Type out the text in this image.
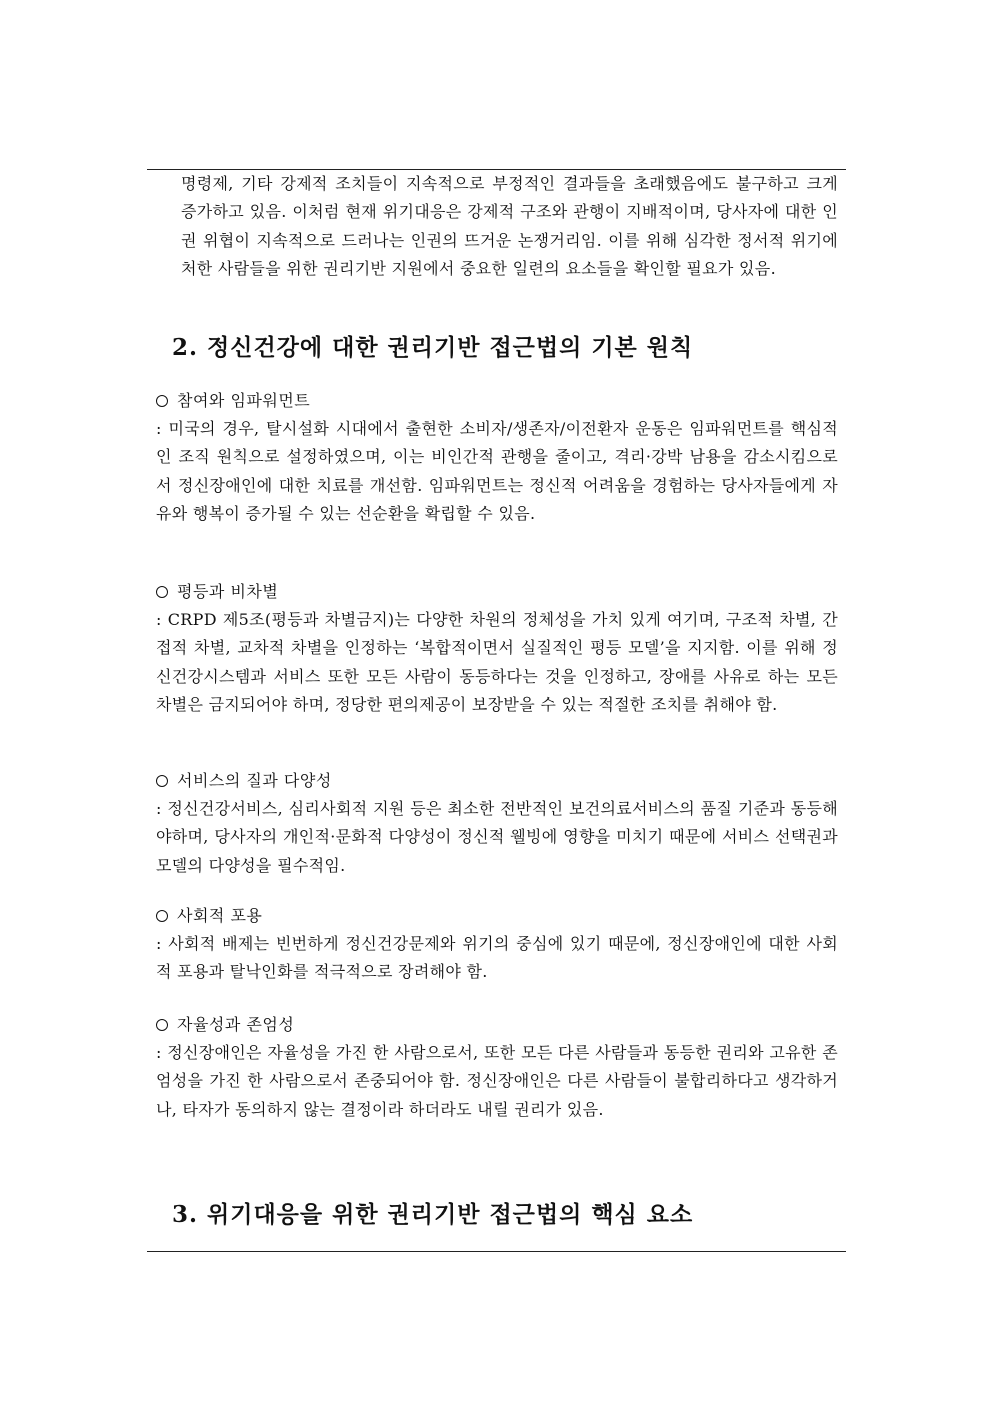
명령제, 기타 강제적 조치들이 지속적으로 부정적인 결과들을 초래했음에도 불구하고 크게 증가하고 있음. 이처럼 현재 위기대응은 강제적 구조와 관행이 지배적이며, 당사자에 대한 인권 위협이 지속적으로 드러나는 인권의 뜨거운 논쟁거리임. 이를 위해 심각한 정서적 위기에 처한 사람들을 위한 권리기반 지원에서 중요한 일련의 요소들을 확인할 필요가 있음.
2. 정신건강에 대한 권리기반 접근법의 기본 원칙
참여와 임파워먼트
: 미국의 경우, 탈시설화 시대에서 출현한 소비자/생존자/이전환자 운동은 임파워먼트를 핵심적인 조직 원칙으로 설정하였으며, 이는 비인간적 관행을 줄이고, 격리·강박 남용을 감소시킴으로서 정신장애인에 대한 치료를 개선함. 임파워먼트는 정신적 어려움을 경험하는 당사자들에게 자유와 행복이 증가될 수 있는 선순환을 확립할 수 있음.
평등과 비차별
: CRPD 제5조(평등과 차별금지)는 다양한 차원의 정체성을 가치 있게 여기며, 구조적 차별, 간접적 차별, 교차적 차별을 인정하는 ‘복합적이면서 실질적인 평등 모델’을 지지함. 이를 위해 정신건강시스템과 서비스 또한 모든 사람이 동등하다는 것을 인정하고, 장애를 사유로 하는 모든 차별은 금지되어야 하며, 정당한 편의제공이 보장받을 수 있는 적절한 조치를 취해야 함.
서비스의 질과 다양성
: 정신건강서비스, 심리사회적 지원 등은 최소한 전반적인 보건의료서비스의 품질 기준과 동등해야하며, 당사자의 개인적·문화적 다양성이 정신적 웰빙에 영향을 미치기 때문에 서비스 선택권과 모델의 다양성을 필수적임.
사회적 포용
: 사회적 배제는 빈번하게 정신건강문제와 위기의 중심에 있기 때문에, 정신장애인에 대한 사회적 포용과 탈낙인화를 적극적으로 장려해야 함.
자율성과 존엄성
: 정신장애인은 자율성을 가진 한 사람으로서, 또한 모든 다른 사람들과 동등한 권리와 고유한 존엄성을 가진 한 사람으로서 존중되어야 함. 정신장애인은 다른 사람들이 불합리하다고 생각하거나, 타자가 동의하지 않는 결정이라 하더라도 내릴 권리가 있음.
3. 위기대응을 위한 권리기반 접근법의 핵심 요소
